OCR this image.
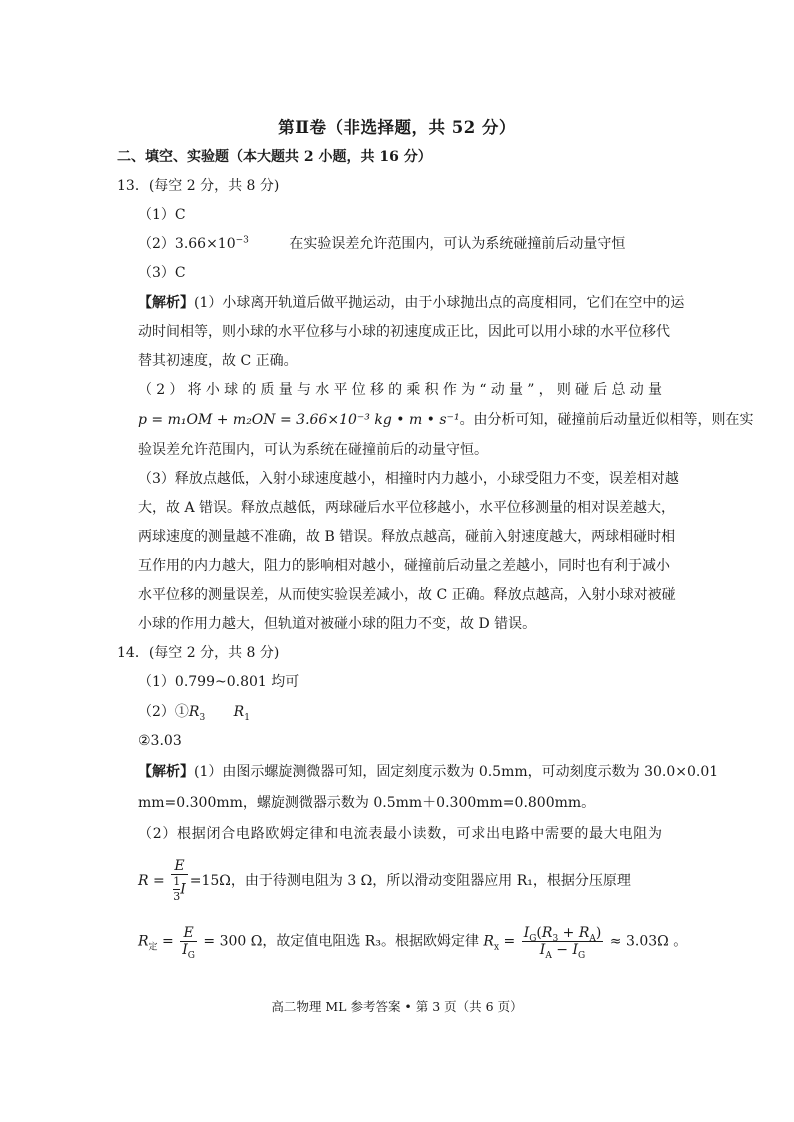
第Ⅱ卷（非选择题，共 52 分）
二、填空、实验题（本大题共 2 小题，共 16 分）
13．(每空 2 分，共 8 分)
（1）C
$(2)3.66\times 10^{-3}$	在实验误差允许范围内，可认为系统碰撞前后动量守恒
（3）C
【解析】(1）小球离开轨道后做平抛运动，由于小球抛出点的高度相同，它们在空中的运
动时间相等，则小球的水平位移与小球的初速度成正比，因此可以用小球的水平位移代
替其初速度，故 C 正确。
（2）将小球的质量与水平位移的乘积作为“动量”，则碰后总动量
p = m₁OM + m₂ON = 3.66×10⁻³ kg • m • s⁻¹。由分析可知，碰撞前后动量近似相等，则在实
验误差允许范围内，可认为系统在碰撞前后的动量守恒。
（3）释放点越低，入射小球速度越小，相撞时内力越小，小球受阻力不变，误差相对越
大，故 A 错误。释放点越低，两球碰后水平位移越小，水平位移测量的相对误差越大，
两球速度的测量越不准确，故 B 错误。释放点越高，碰前入射速度越大，两球相碰时相
互作用的内力越大，阻力的影响相对越小，碰撞前后动量之差越小，同时也有利于减小
水平位移的测量误差，从而使实验误差减小，故 C 正确。释放点越高，入射小球对被碰
小球的作用力越大，但轨道对被碰小球的阻力不变，故 D 错误。
14．(每空 2 分，共 8 分)
（1）0.799~0.801 均可
$(2)①R_3$ $R_1$
②3.03
【解析】(1）由图示螺旋测微器可知，固定刻度示数为 0.5mm，可动刻度示数为 30.0×0.01
mm=0.300mm，螺旋测微器示数为 0.5mm＋0.300mm=0.800mm。
（2）根据闭合电路欧姆定律和电流表最小读数，可求出电路中需要的最大电阻为
$R = \frac{E}{\frac{1}{3} I} =15\Omega$，由于待测电阻为 3 Ω，所以滑动变阻器应用 R₁，根据分压原理
$R_定 = \frac{E}{I_G} = 300$ Ω，故定值电阻选 R₃。根据欧姆定律 $R_x = \frac{I_G(R_3 + R_A)}{I_A - I_G} \approx 3.03\Omega$ 。
高二物理 ML 参考答案 • 第 3 页（共 6 页）
